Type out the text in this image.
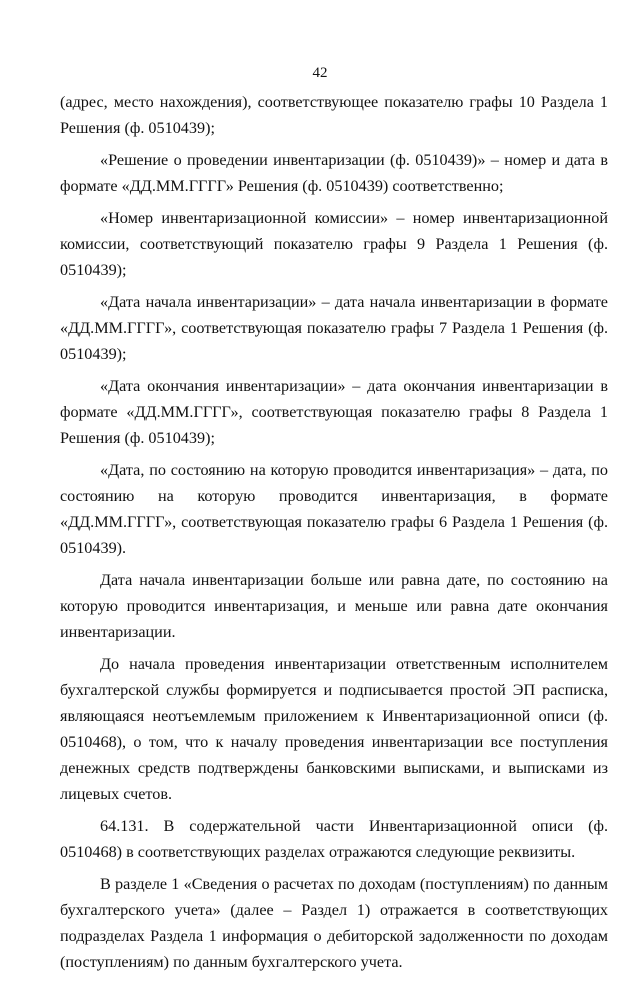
42

(адрес, место нахождения), соответствующее показателю графы 10 Раздела 1 Решения (ф. 0510439);

«Решение о проведении инвентаризации (ф. 0510439)» – номер и дата в формате «ДД.ММ.ГГГГ» Решения (ф. 0510439) соответственно;

«Номер инвентаризационной комиссии» – номер инвентаризационной комиссии, соответствующий показателю графы 9 Раздела 1 Решения (ф. 0510439);

«Дата начала инвентаризации» – дата начала инвентаризации в формате «ДД.ММ.ГГГГ», соответствующая показателю графы 7 Раздела 1 Решения (ф. 0510439);

«Дата окончания инвентаризации» – дата окончания инвентаризации в формате «ДД.ММ.ГГГГ», соответствующая показателю графы 8 Раздела 1 Решения (ф. 0510439);

«Дата, по состоянию на которую проводится инвентаризация» – дата, по состоянию на которую проводится инвентаризация, в формате «ДД.ММ.ГГГГ», соответствующая показателю графы 6 Раздела 1 Решения (ф. 0510439).

Дата начала инвентаризации больше или равна дате, по состоянию на которую проводится инвентаризация, и меньше или равна дате окончания инвентаризации.

До начала проведения инвентаризации ответственным исполнителем бухгалтерской службы формируется и подписывается простой ЭП расписка, являющаяся неотъемлемым приложением к Инвентаризационной описи (ф. 0510468), о том, что к началу проведения инвентаризации все поступления денежных средств подтверждены банковскими выписками, и выписками из лицевых счетов.

64.131. В содержательной части Инвентаризационной описи (ф. 0510468) в соответствующих разделах отражаются следующие реквизиты.

В разделе 1 «Сведения о расчетах по доходам (поступлениям) по данным бухгалтерского учета» (далее – Раздел 1) отражается в соответствующих подразделах Раздела 1 информация о дебиторской задолженности по доходам (поступлениям) по данным бухгалтерского учета.
